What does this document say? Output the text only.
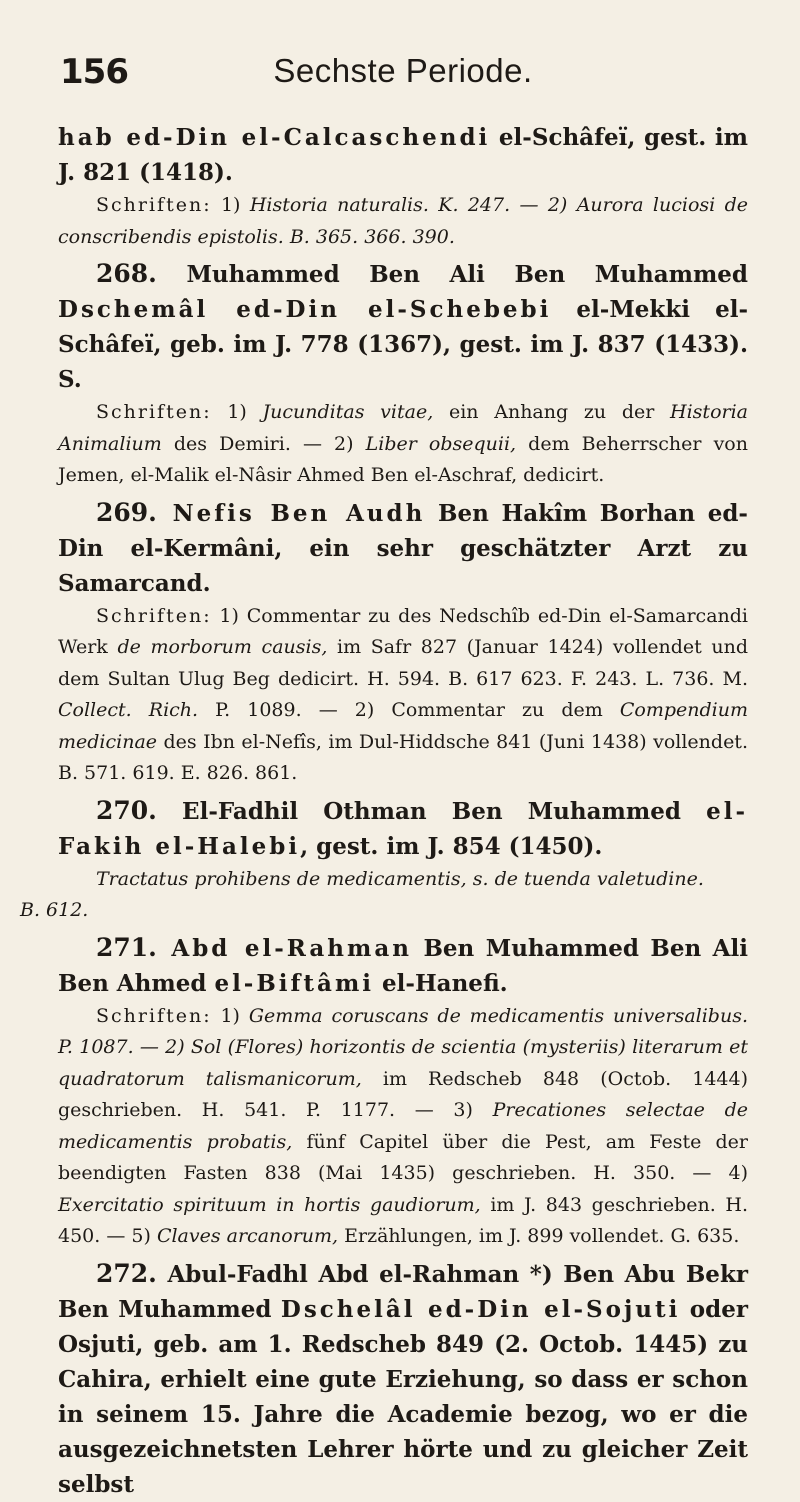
156	Sechste Periode.

hab ed-Din el-Calcaschendi el-Schâfeï, gest. im J. 821 (1418).

Schriften: 1) Historia naturalis. K. 247. — 2) Aurora luciosi de conscribendis epistolis. B. 365. 366. 390.

268. Muhammed Ben Ali Ben Muhammed Dschemâl ed-Din el-Schebebi el-Mekki el-Schâfeï, geb. im J. 778 (1367), gest. im J. 837 (1433). S.

Schriften: 1) Jucunditas vitae, ein Anhang zu der Historia Animalium des Demiri. — 2) Liber obsequii, dem Beherrscher von Jemen, el-Malik el-Nâsir Ahmed Ben el-Aschraf, dedicirt.

269. Nefis Ben Audh Ben Hakîm Borhan ed-Din el-Kermâni, ein sehr geschätzter Arzt zu Samarcand.

Schriften: 1) Commentar zu des Nedschîb ed-Din el-Samarcandi Werk de morborum causis, im Safr 827 (Januar 1424) vollendet und dem Sultan Ulug Beg dedicirt. H. 594. B. 617 623. F. 243. L. 736. M. Collect. Rich. P. 1089. — 2) Commentar zu dem Compendium medicinae des Ibn el-Nefîs, im Dul-Hiddsche 841 (Juni 1438) vollendet. B. 571. 619. E. 826. 861.

270. El-Fadhil Othman Ben Muhammed el-Fakih el-Halebi, gest. im J. 854 (1450).

Tractatus prohibens de medicamentis, s. de tuenda valetudine.
B. 612.

271. Abd el-Rahman Ben Muhammed Ben Ali Ben Ahmed el-Biftâmi el-Hanefi.

Schriften: 1) Gemma coruscans de medicamentis universalibus. P. 1087. — 2) Sol (Flores) horizontis de scientia (mysteriis) literarum et quadratorum talismanicorum, im Redscheb 848 (Octob. 1444) geschrieben. H. 541. P. 1177. — 3) Precationes selectae de medicamentis probatis, fünf Capitel über die Pest, am Feste der beendigten Fasten 838 (Mai 1435) geschrieben. H. 350. — 4) Exercitatio spirituum in hortis gaudiorum, im J. 843 geschrieben. H. 450. — 5) Claves arcanorum, Erzählungen, im J. 899 vollendet. G. 635.

272. Abul-Fadhl Abd el-Rahman *) Ben Abu Bekr Ben Muhammed Dschelâl ed-Din el-Sojuti oder Osjuti, geb. am 1. Redscheb 849 (2. Octob. 1445) zu Cahira, erhielt eine gute Erziehung, so dass er schon in seinem 15. Jahre die Academie bezog, wo er die ausgezeichnetsten Lehrer hörte und zu gleicher Zeit selbst
